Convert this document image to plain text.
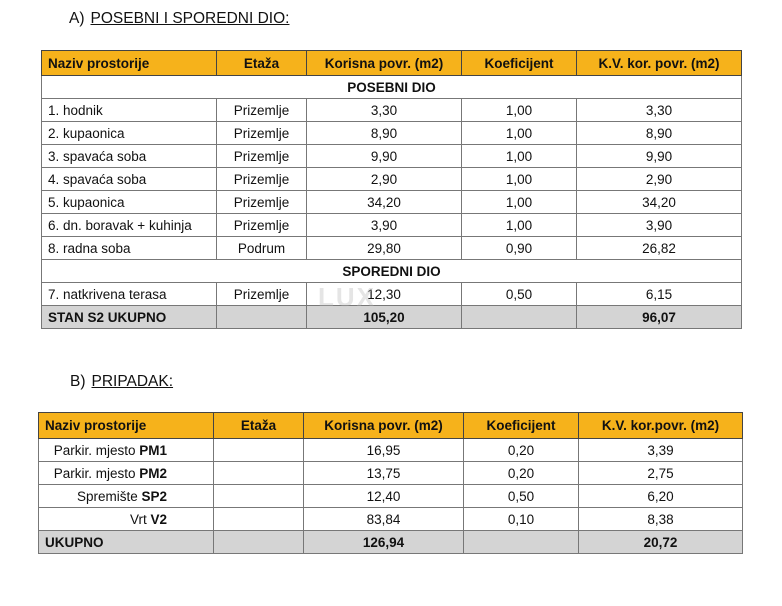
A) POSEBNI I SPOREDNI DIO:
Naziv prostorije	Etaža	Korisna povr. (m2)	Koeficijent	K.V. kor. povr. (m2)
POSEBNI DIO				
1. hodnik	Prizemlje	3,30	1,00	3,30
2. kupaonica	Prizemlje	8,90	1,00	8,90
3. spavaća soba	Prizemlje	9,90	1,00	9,90
4. spavaća soba	Prizemlje	2,90	1,00	2,90
5. kupaonica	Prizemlje	34,20	1,00	34,20
6. dn. boravak + kuhinja	Prizemlje	3,90	1,00	3,90
8. radna soba	Podrum	29,80	0,90	26,82
SPOREDNI DIO				
7. natkrivena terasa	Prizemlje	12,30	0,50	6,15
STAN S2 UKUPNO		105,20		96,07
LUX
B) PRIPADAK:
Naziv prostorije	Etaža	Korisna povr. (m2)	Koeficijent	K.V. kor.povr. (m2)
Parkir. mjesto PM1		16,95	0,20	3,39
Parkir. mjesto PM2		13,75	0,20	2,75
Spremište SP2		12,40	0,50	6,20
Vrt V2		83,84	0,10	8,38
UKUPNO		126,94		20,72
